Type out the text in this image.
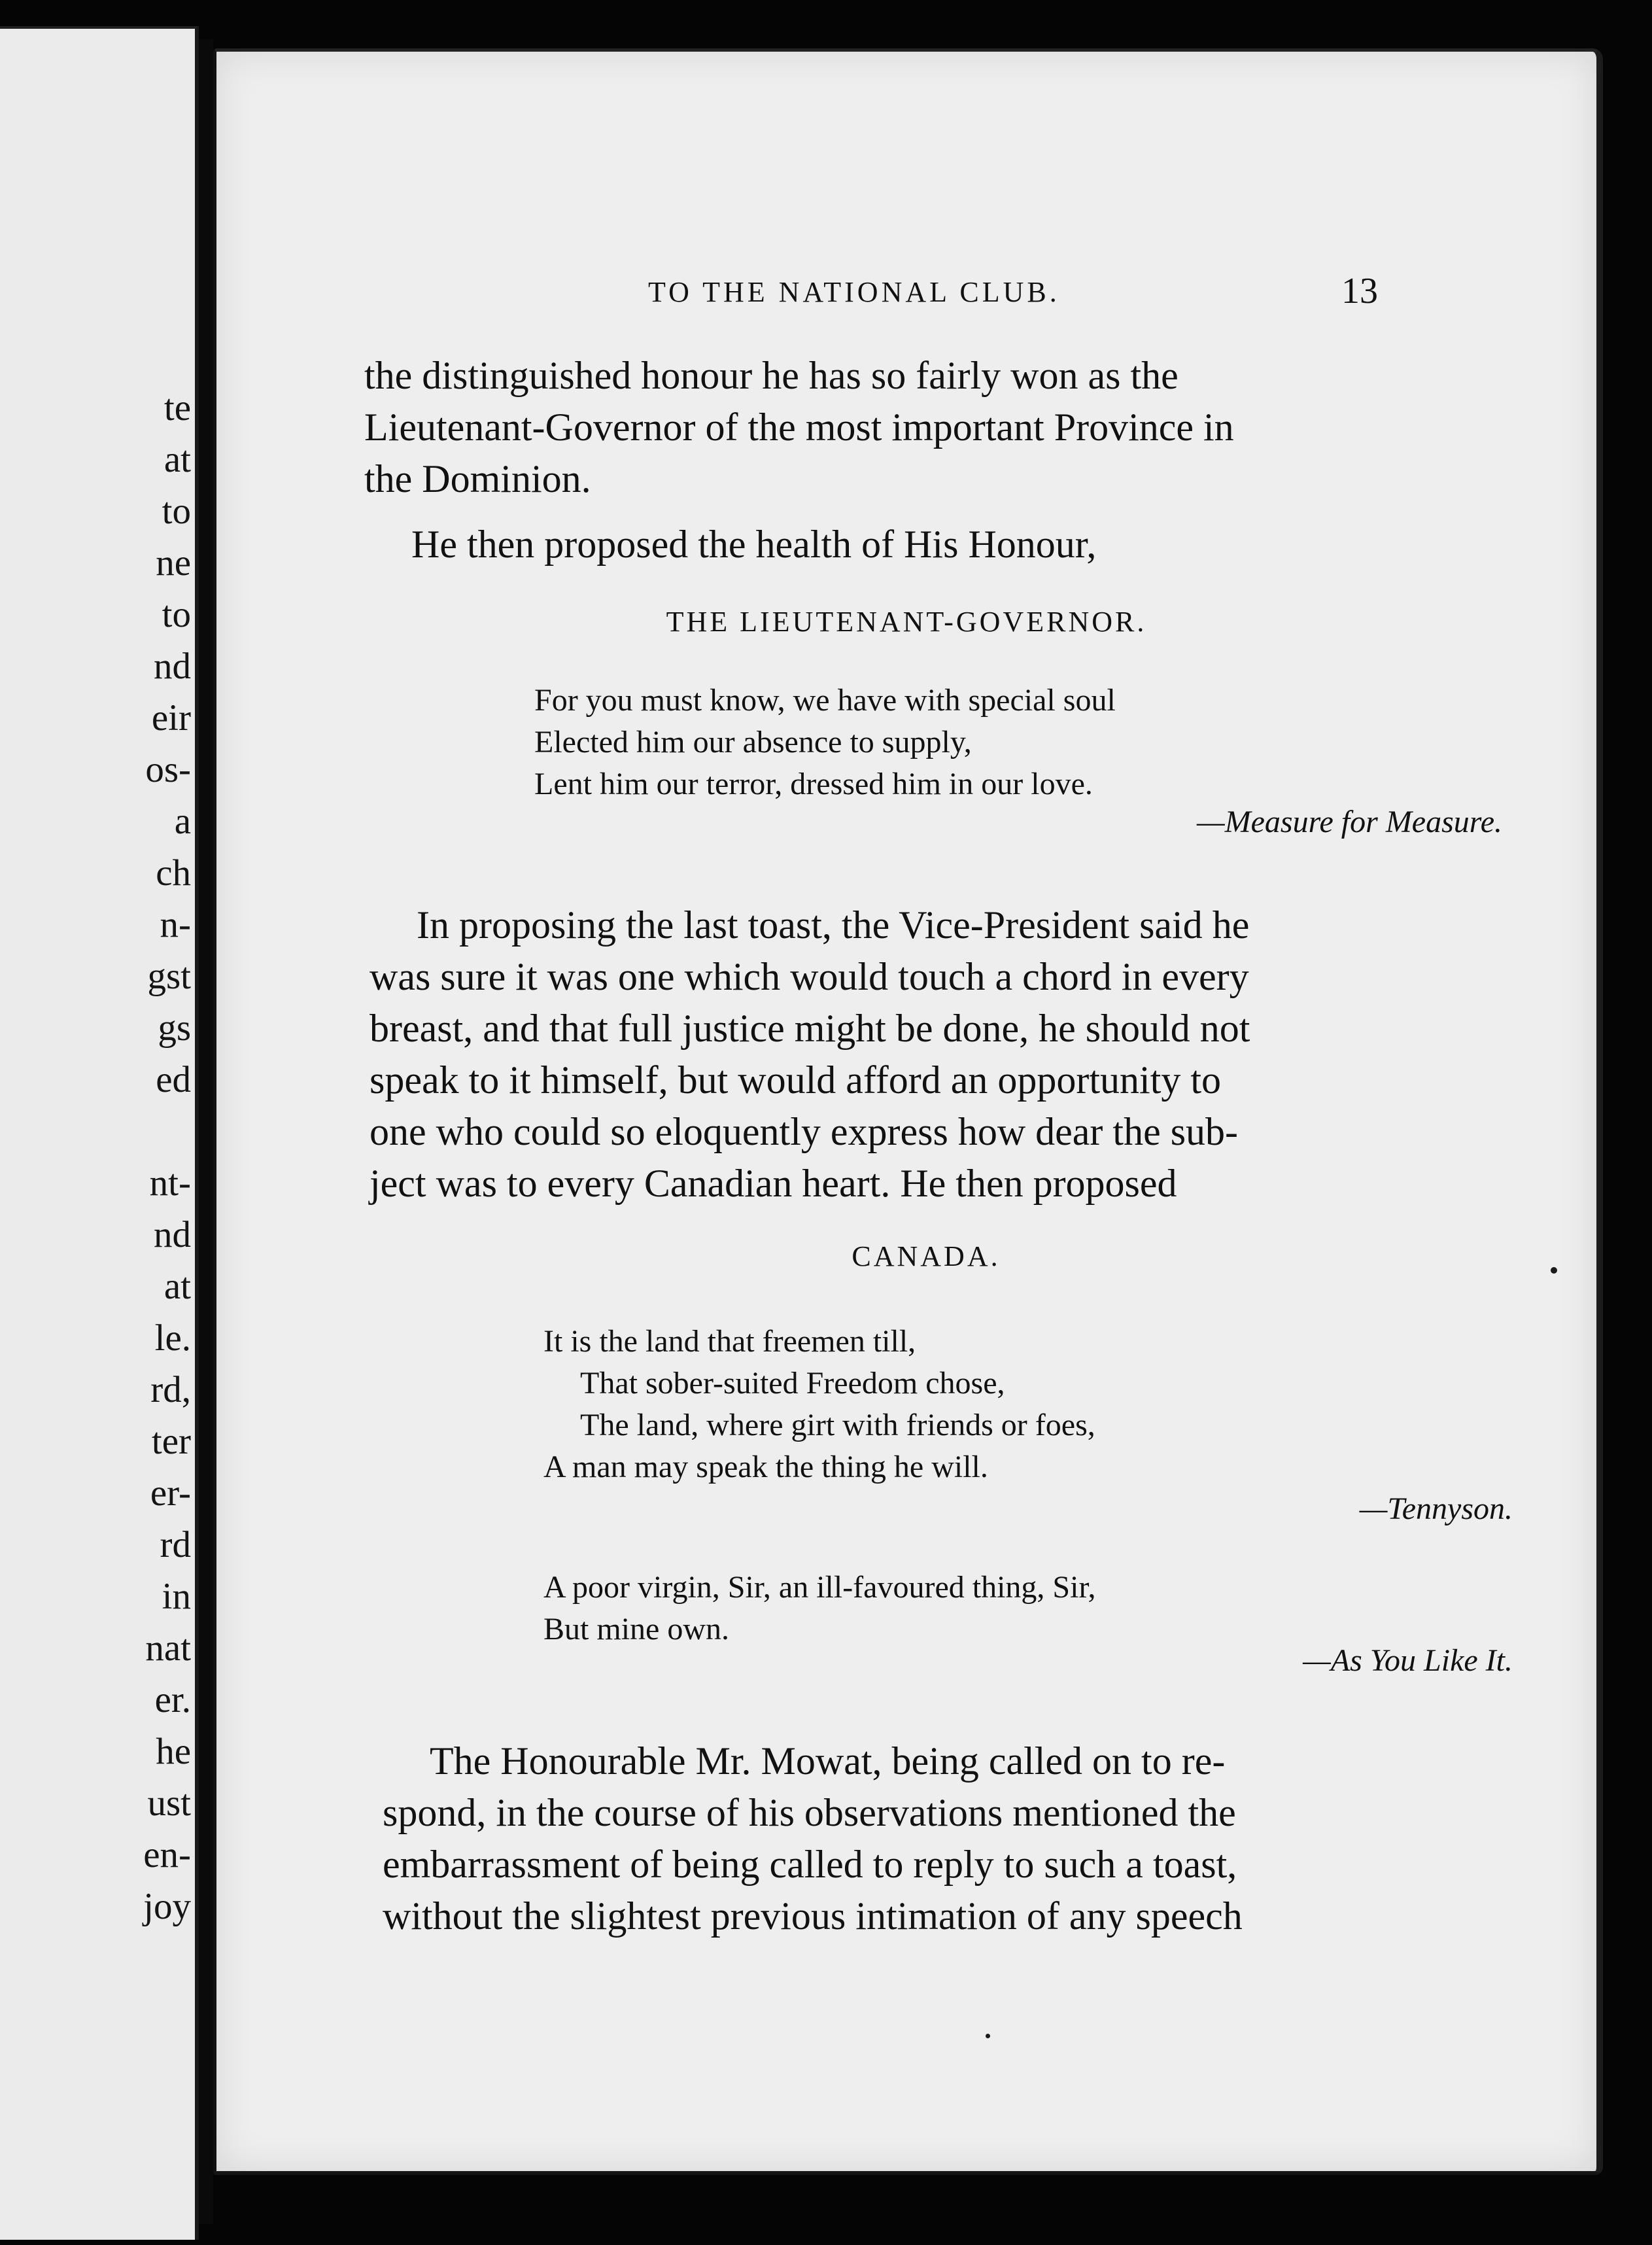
te
at
to
ne
to
nd
eir
os-
a
ch
n-
gst
gs
ed
nt-
nd
at
le.
rd,
ter
er-
rd
in
nat
er.
he
ust
en-
joy
TO THE NATIONAL CLUB.	13

the distinguished honour he has so fairly won as the
Lieutenant-Governor of the most important Province in
the Dominion.

He then proposed the health of His Honour,

THE LIEUTENANT-GOVERNOR.

For you must know, we have with special soul
Elected him our absence to supply,
Lent him our terror, dressed him in our love.

—Measure for Measure.

In proposing the last toast, the Vice-President said he
was sure it was one which would touch a chord in every
breast, and that full justice might be done, he should not
speak to it himself, but would afford an opportunity to
one who could so eloquently express how dear the sub-
ject was to every Canadian heart. He then proposed

CANADA.

It is the land that freemen till,
That sober-suited Freedom chose,
The land, where girt with friends or foes,
A man may speak the thing he will.

—Tennyson.

A poor virgin, Sir, an ill-favoured thing, Sir,
But mine own.

—As You Like It.

The Honourable Mr. Mowat, being called on to re-
spond, in the course of his observations mentioned the
embarrassment of being called to reply to such a toast,
without the slightest previous intimation of any speech
